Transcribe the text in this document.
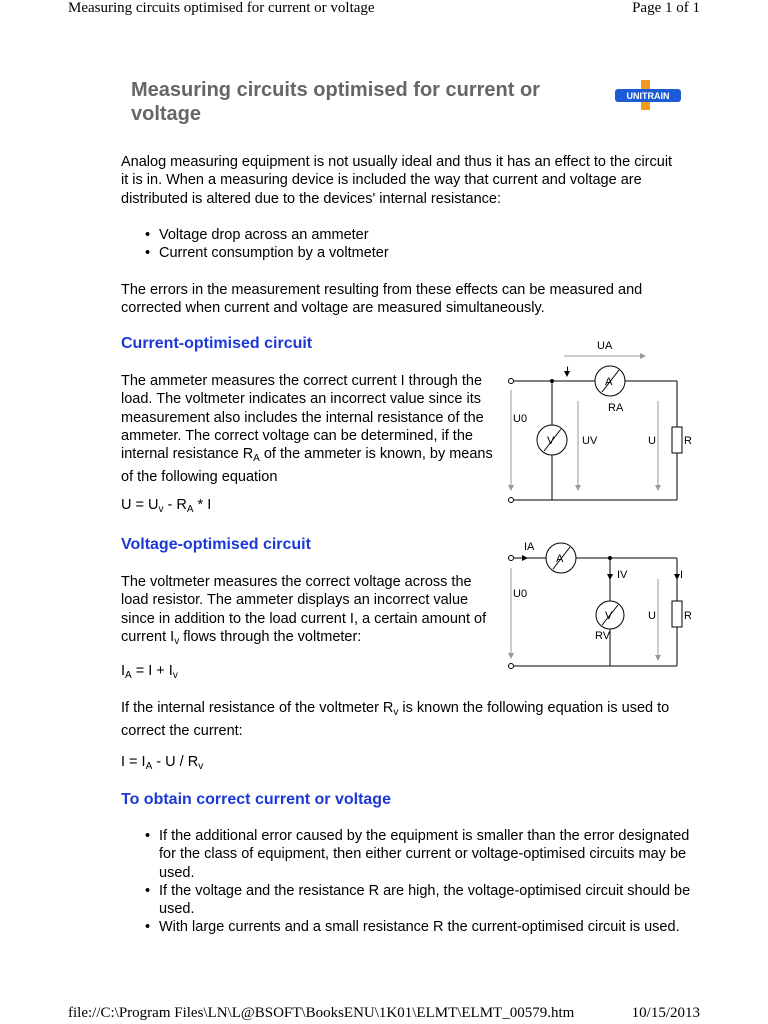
Measuring circuits optimised for current or voltage	Page 1 of 1
Measuring circuits optimised for current or voltage
UNITRAIN
Analog measuring equipment is not usually ideal and thus it has an effect to the circuit it is in. When a measuring device is included the way that current and voltage are distributed is altered due to the devices' internal resistance:
• Voltage drop across an ammeter
• Current consumption by a voltmeter
The errors in the measurement resulting from these effects can be measured and corrected when current and voltage are measured simultaneously.
Current-optimised circuit
The ammeter measures the correct current I through the load. The voltmeter indicates an incorrect value since its measurement also includes the internal resistance of the ammeter. The correct voltage can be determined, if the internal resistance $R_A$ of the ammeter is known, by means of the following equation
$U = U_v - R_A * I$
UA
I
A
RA
U0
V	UV	U	R
Voltage-optimised circuit
The voltmeter measures the correct voltage across the load resistor. The ammeter displays an incorrect value since in addition to the load current I, a certain amount of current $I_v$ flows through the voltmeter:
$I_A = I + I_v$
IA
A
IV	I
U0
V
RV
U	R
If the internal resistance of the voltmeter $R_v$ is known the following equation is used to correct the current:
$I = I_A - U / R_v$
To obtain correct current or voltage
• If the additional error caused by the equipment is smaller than the error designated for the class of equipment, then either current or voltage-optimised circuits may be used.
• If the voltage and the resistance R are high, the voltage-optimised circuit should be used.
• With large currents and a small resistance R the current-optimised circuit is used.
file://C:\Program Files\LN\L@BSOFT\BooksENU\1K01\ELMT\ELMT_00579.htm	10/15/2013
